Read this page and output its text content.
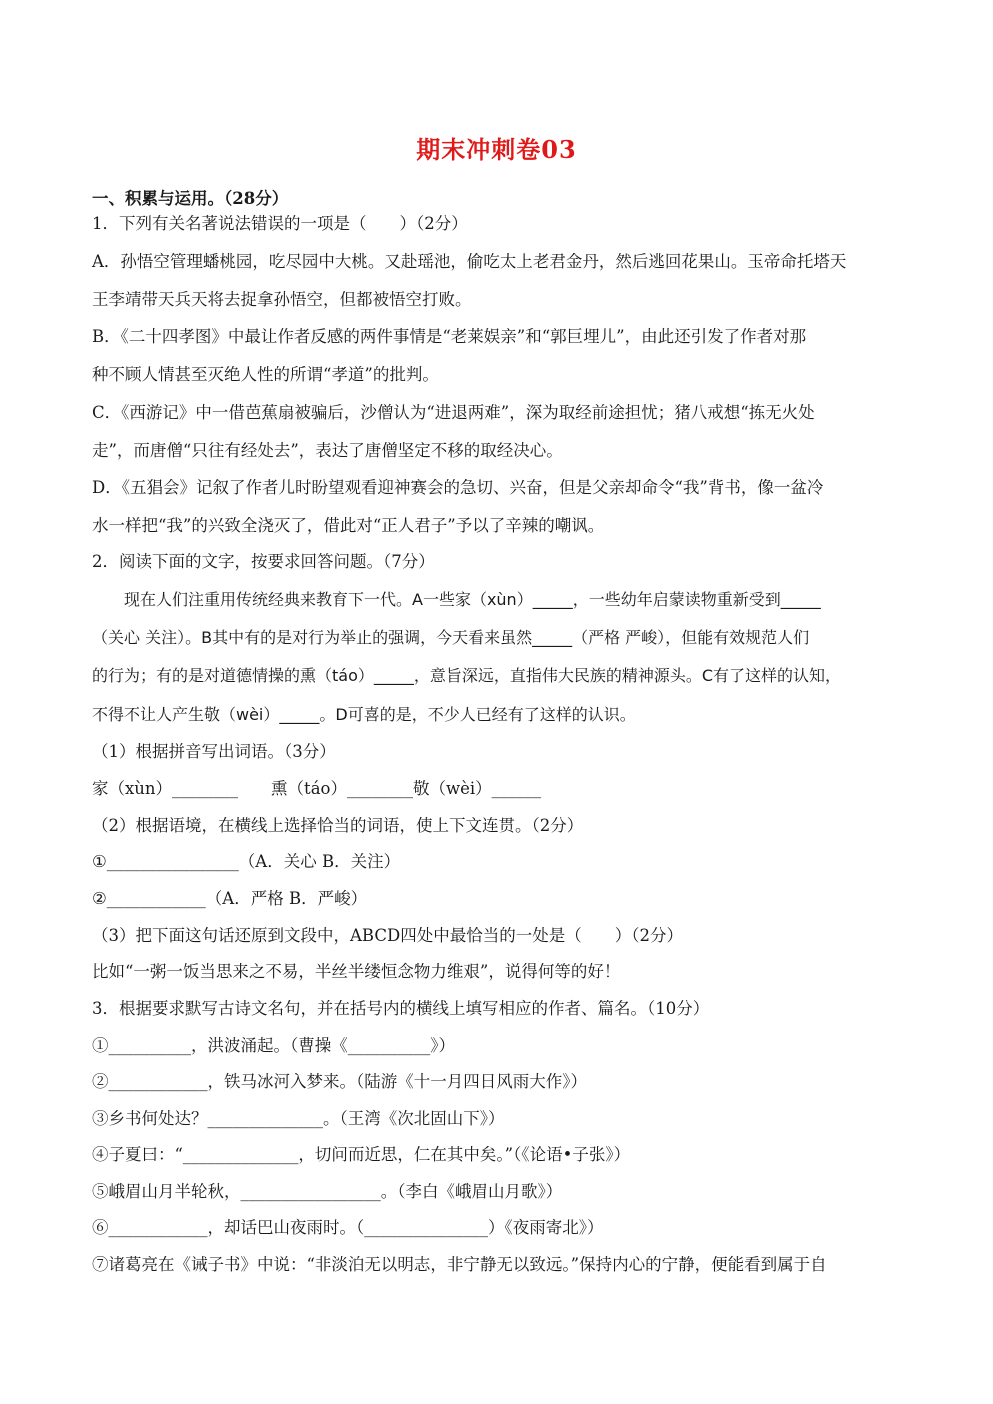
期末冲刺卷03
一、积累与运用。（28分）
1．下列有关名著说法错误的一项是（　　）（2分）
A．孙悟空管理蟠桃园，吃尽园中大桃。又赴瑶池，偷吃太上老君金丹，然后逃回花果山。玉帝命托塔天
王李靖带天兵天将去捉拿孙悟空，但都被悟空打败。
B．《二十四孝图》中最让作者反感的两件事情是“老莱娱亲”和“郭巨埋儿”，由此还引发了作者对那
种不顾人情甚至灭绝人性的所谓“孝道”的批判。
C．《西游记》中一借芭蕉扇被骗后，沙僧认为“进退两难”，深为取经前途担忧；猪八戒想“拣无火处
走”，而唐僧“只往有经处去”，表达了唐僧坚定不移的取经决心。
D．《五猖会》记叙了作者儿时盼望观看迎神赛会的急切、兴奋，但是父亲却命令“我”背书，像一盆冷
水一样把“我”的兴致全浇灭了，借此对“正人君子”予以了辛辣的嘲讽。
2．阅读下面的文字，按要求回答问题。（7分）
　　现在人们注重用传统经典来教育下一代。A一些家（xùn）_____，一些幼年启蒙读物重新受到_____
（关心 关注）。B其中有的是对行为举止的强调，今天看来虽然_____（严格 严峻），但能有效规范人们
的行为；有的是对道德情操的熏（táo）_____，意旨深远，直指伟大民族的精神源头。C有了这样的认知，
不得不让人产生敬（wèi）_____。D可喜的是，不少人已经有了这样的认识。
（1）根据拼音写出词语。（3分）
家（xùn）________　　熏（táo）________敬（wèi）______
（2）根据语境，在横线上选择恰当的词语，使上下文连贯。（2分）
①________________（A．关心 B．关注）
②____________（A．严格 B．严峻）
（3）把下面这句话还原到文段中，ABCD四处中最恰当的一处是（　　）（2分）
比如“一粥一饭当思来之不易，半丝半缕恒念物力维艰”，说得何等的好！
3．根据要求默写古诗文名句，并在括号内的横线上填写相应的作者、篇名。（10分）
①__________，洪波涌起。（曹操《__________》）
②____________，铁马冰河入梦来。（陆游《十一月四日风雨大作》）
③乡书何处达？______________。（王湾《次北固山下》）
④子夏曰：“______________，切问而近思，仁在其中矣。”（《论语•子张》）
⑤峨眉山月半轮秋，_________________。（李白《峨眉山月歌》）
⑥____________，却话巴山夜雨时。（_______________）《夜雨寄北》）
⑦诸葛亮在《诫子书》中说：“非淡泊无以明志，非宁静无以致远。”保持内心的宁静，便能看到属于自
